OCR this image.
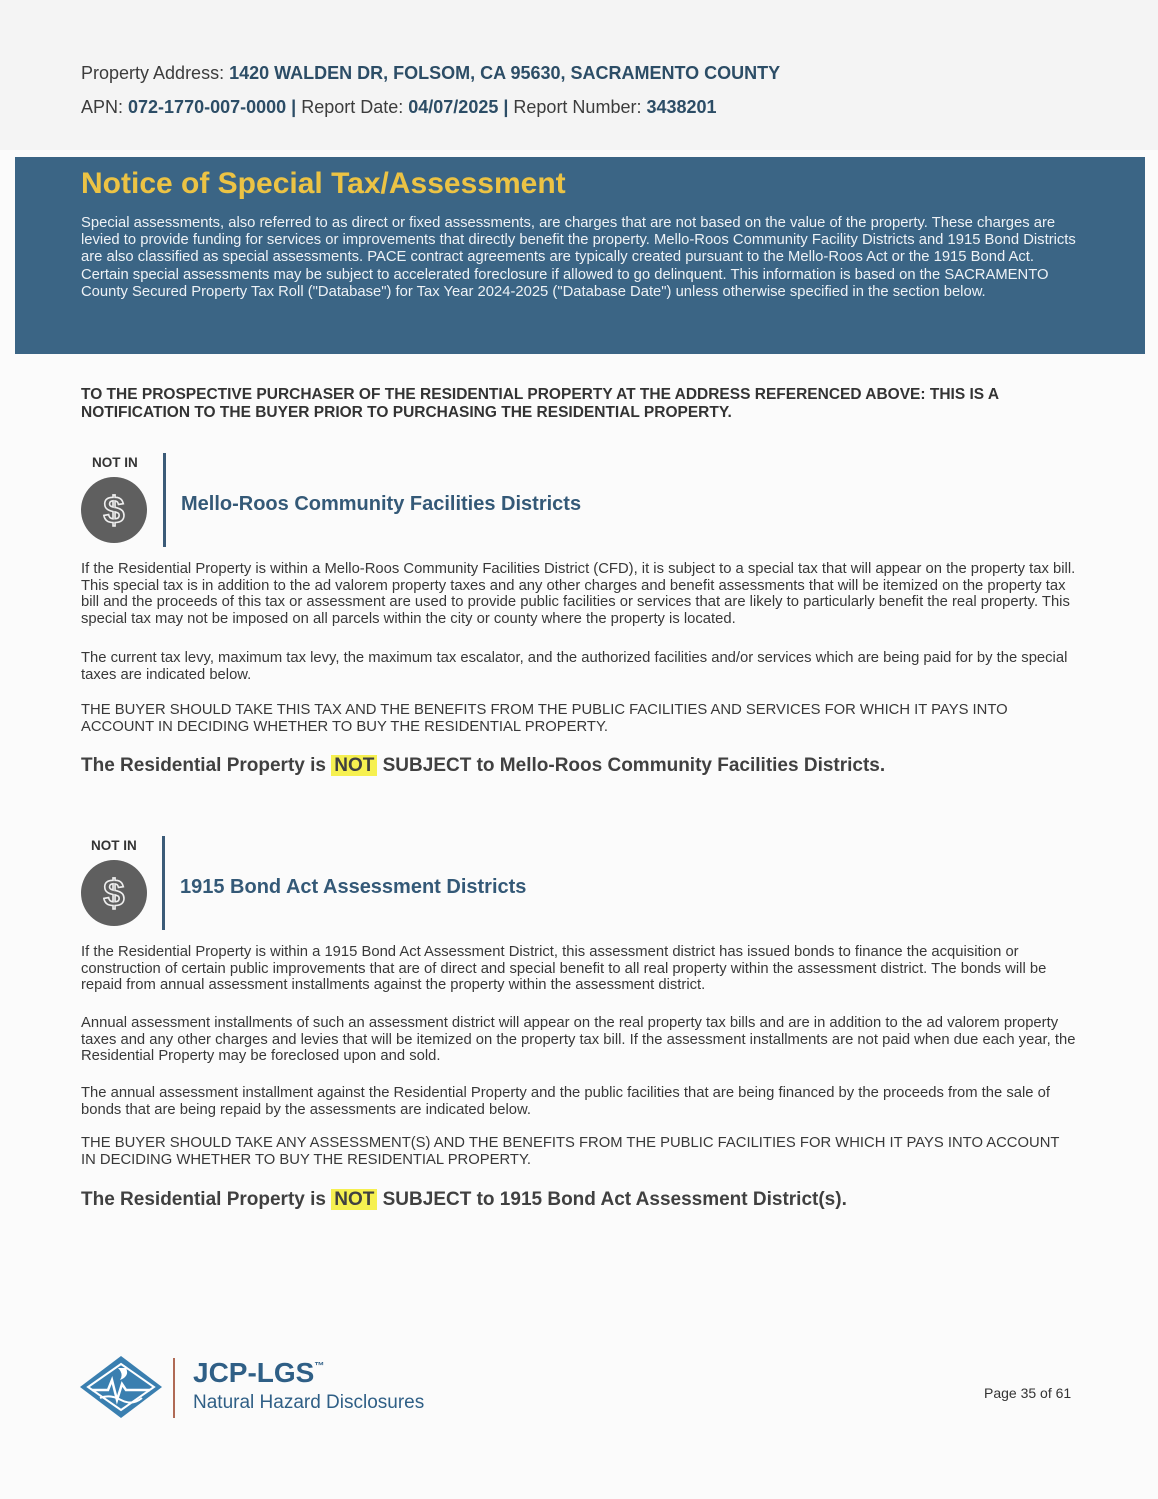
Property Address: 1420 WALDEN DR, FOLSOM, CA 95630, SACRAMENTO COUNTY
APN: 072-1770-007-0000 | Report Date: 04/07/2025 | Report Number: 3438201
Notice of Special Tax/Assessment
Special assessments, also referred to as direct or fixed assessments, are charges that are not based on the value of the property. These charges are levied to provide funding for services or improvements that directly benefit the property. Mello-Roos Community Facility Districts and 1915 Bond Districts are also classified as special assessments. PACE contract agreements are typically created pursuant to the Mello-Roos Act or the 1915 Bond Act. Certain special assessments may be subject to accelerated foreclosure if allowed to go delinquent. This information is based on the SACRAMENTO County Secured Property Tax Roll ("Database") for Tax Year 2024-2025 ("Database Date") unless otherwise specified in the section below.
TO THE PROSPECTIVE PURCHASER OF THE RESIDENTIAL PROPERTY AT THE ADDRESS REFERENCED ABOVE: THIS IS A NOTIFICATION TO THE BUYER PRIOR TO PURCHASING THE RESIDENTIAL PROPERTY.
NOT IN
$	Mello-Roos Community Facilities Districts
If the Residential Property is within a Mello-Roos Community Facilities District (CFD), it is subject to a special tax that will appear on the property tax bill. This special tax is in addition to the ad valorem property taxes and any other charges and benefit assessments that will be itemized on the property tax bill and the proceeds of this tax or assessment are used to provide public facilities or services that are likely to particularly benefit the real property. This special tax may not be imposed on all parcels within the city or county where the property is located.
The current tax levy, maximum tax levy, the maximum tax escalator, and the authorized facilities and/or services which are being paid for by the special taxes are indicated below.
THE BUYER SHOULD TAKE THIS TAX AND THE BENEFITS FROM THE PUBLIC FACILITIES AND SERVICES FOR WHICH IT PAYS INTO ACCOUNT IN DECIDING WHETHER TO BUY THE RESIDENTIAL PROPERTY.
The Residential Property is NOT SUBJECT to Mello-Roos Community Facilities Districts.
NOT IN
$	1915 Bond Act Assessment Districts
If the Residential Property is within a 1915 Bond Act Assessment District, this assessment district has issued bonds to finance the acquisition or construction of certain public improvements that are of direct and special benefit to all real property within the assessment district. The bonds will be repaid from annual assessment installments against the property within the assessment district.
Annual assessment installments of such an assessment district will appear on the real property tax bills and are in addition to the ad valorem property taxes and any other charges and levies that will be itemized on the property tax bill. If the assessment installments are not paid when due each year, the Residential Property may be foreclosed upon and sold.
The annual assessment installment against the Residential Property and the public facilities that are being financed by the proceeds from the sale of bonds that are being repaid by the assessments are indicated below.
THE BUYER SHOULD TAKE ANY ASSESSMENT(S) AND THE BENEFITS FROM THE PUBLIC FACILITIES FOR WHICH IT PAYS INTO ACCOUNT IN DECIDING WHETHER TO BUY THE RESIDENTIAL PROPERTY.
The Residential Property is NOT SUBJECT to 1915 Bond Act Assessment District(s).
JCP-LGS™
Natural Hazard Disclosures	Page 35 of 61
